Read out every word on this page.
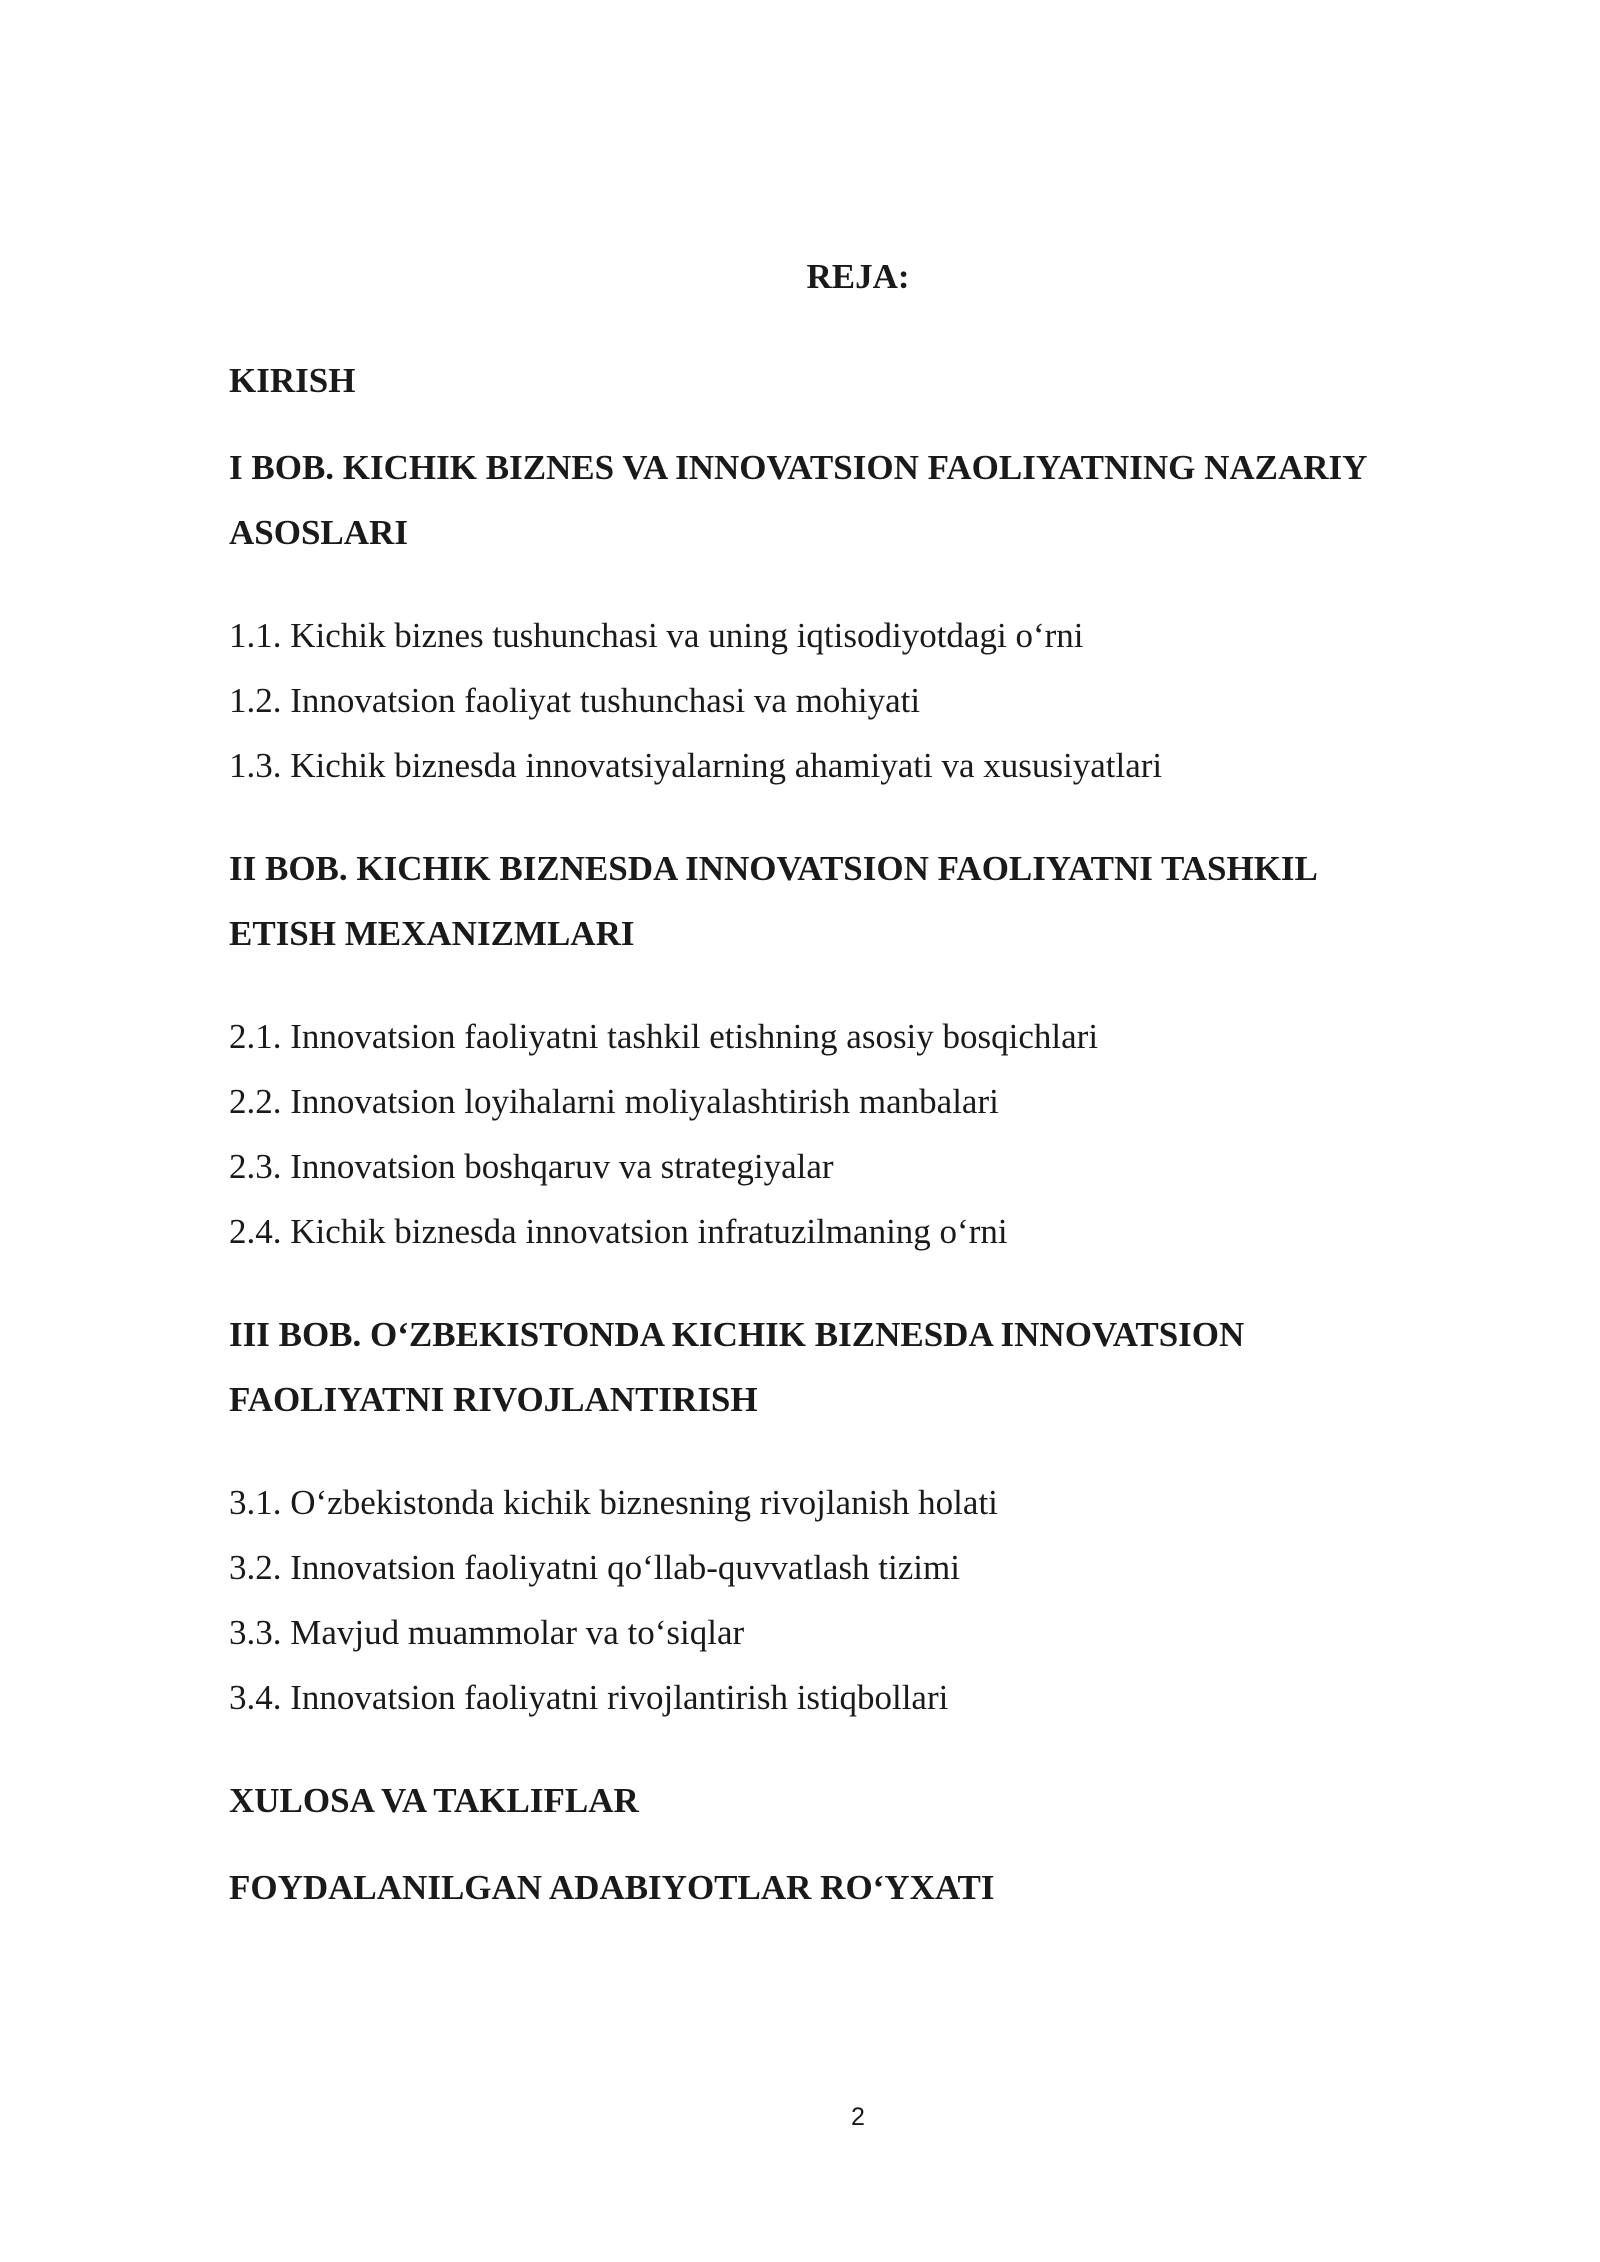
REJA:

KIRISH

I BOB. KICHIK BIZNES VA INNOVATSION FAOLIYATNING NAZARIY

ASOSLARI

1.1. Kichik biznes tushunchasi va uning iqtisodiyotdagi o‘rni

1.2. Innovatsion faoliyat tushunchasi va mohiyati

1.3. Kichik biznesda innovatsiyalarning ahamiyati va xususiyatlari

II BOB. KICHIK BIZNESDA INNOVATSION FAOLIYATNI TASHKIL

ETISH MEXANIZMLARI

2.1. Innovatsion faoliyatni tashkil etishning asosiy bosqichlari

2.2. Innovatsion loyihalarni moliyalashtirish manbalari

2.3. Innovatsion boshqaruv va strategiyalar

2.4. Kichik biznesda innovatsion infratuzilmaning o‘rni

III BOB. O‘ZBEKISTONDA KICHIK BIZNESDA INNOVATSION

FAOLIYATNI RIVOJLANTIRISH

3.1. O‘zbekistonda kichik biznesning rivojlanish holati

3.2. Innovatsion faoliyatni qo‘llab-quvvatlash tizimi

3.3. Mavjud muammolar va to‘siqlar

3.4. Innovatsion faoliyatni rivojlantirish istiqbollari

XULOSA VA TAKLIFLAR

FOYDALANILGAN ADABIYOTLAR RO‘YXATI

2
